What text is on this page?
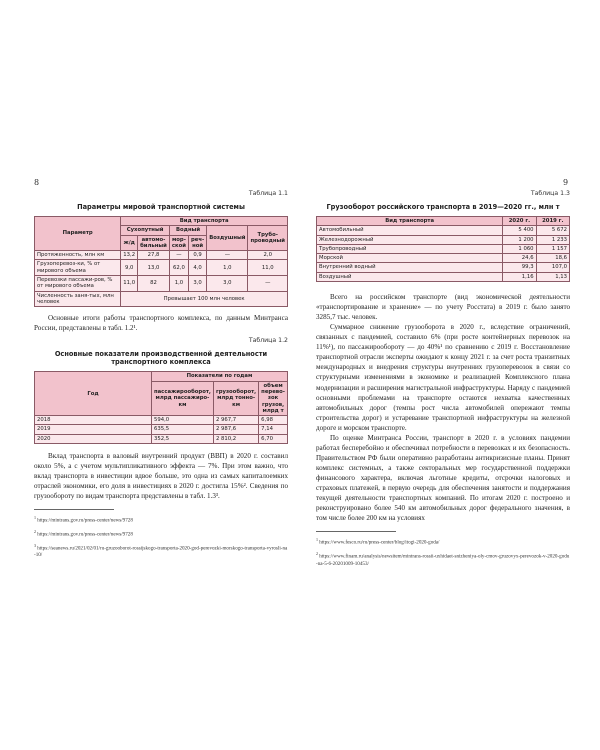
8
Таблица 1.1
Параметры мировой транспортной системы
Параметр	Вид транспорта					
	Сухопутный		Водный		Воздушный	Трубо-проводный
	ж/д	автомо-бильный	мор-ской	реч-ной		
Протяженность, млн км	13,2	27,8	—	0,9	—	2,0
Грузоперевоз-ки, % от мирового объема	9,0	13,0	62,0	4,0	1,0	11,0
Перевозки пассажи-ров, % от мирового объема	11,0	82	1,0	3,0	3,0	—
Численность заня-тых, млн человек	Превышает 100 млн человек					

Основные итоги работы транспортного комплекса, по данным Минтранса России, представлены в табл. 1.2¹.

Таблица 1.2
Основные показатели производственной деятельности транспортного комплекса
Год	Показатели по годам		
	пассажирооборот, млрд пассажиро-км	грузооборот, млрд тонно-км	объем перево-зок грузов, млрд т
2018	594,0	2 967,7	6,98
2019	635,5	2 987,6	7,14
2020	352,5	2 810,2	6,70

Вклад транспорта в валовый внутренний продукт (ВВП) в 2020 г. составил около 5%, а с учетом мультипликативного эффекта — 7%. При этом важно, что вклад транспорта в инвестиции вдвое больше, это одна из самых капиталоемких отраслей экономики, его доля в инвестициях в 2020 г. достигла 15%². Сведения по грузообороту по видам транспорта представлены в табл. 1.3³.

$^1$ https://mintrans.gov.ru/press-center/news/9728

$^2$ https://mintrans.gov.ru/press-center/news/9728

$^3$ https://seanews.ru/2021/02/01/ru-gruzooborot-rossijskogo-transporta-2020-god-perevozki-morskogo-transporta-vyrosli-na-10/

9
Таблица 1.3
Грузооборот российского транспорта в 2019—2020 гг., млн т
Вид транспорта	2020 г.	2019 г.
Автомобильный	5 400	5 672
Железнодорожный	1 200	1 233
Трубопроводный	1 060	1 157
Морской	24,6	18,6
Внутренний водный	99,3	107,0
Воздушный	1,16	1,13

Всего на российском транспорте (вид экономической деятельности «транспортирование и хранение» — по учету Росстата) в 2019 г. было занято 3285,7 тыс. человек.

Суммарное снижение грузооборота в 2020 г., вследствие ограничений, связанных с пандемией, составило 6% (при росте контейнерных перевозок на 11%¹), по пассажирообороту — до 40%¹ по сравнению с 2019 г. Восстановление транспортной отрасли эксперты ожидают к концу 2021 г. за счет роста транзитных международных и внедрения структуры внутренних грузоперевозок в связи со структурными изменениями в экономике и реализацией Комплексного плана модернизации и расширения магистральной инфраструктуры. Наряду с пандемией основными проблемами на транспорте остаются нехватка качественных автомобильных дорог (темпы рост числа автомобилей опережают темпы строительства дорог) и устаревание транспортной инфраструктуры на железной дороге и морском транспорте.

По оценке Минтранса России, транспорт в 2020 г. в условиях пандемии работал бесперебойно и обеспечивал потребности в перевозках и их безопасность. Правительством РФ были оперативно разработаны антикризисные планы. Принят комплекс системных, а также секторальных мер государственной поддержки финансового характера, включая льготные кредиты, отсрочки налоговых и страховых платежей, в первую очередь для обеспечения занятости и поддержания текущей деятельности транспортных компаний. По итогам 2020 г. построено и реконструировано более 540 км автомобильных дорог федерального значения, в том числе более 200 км на условиях

$^1$ https://www.fesco.ru/ru/press-center/blog/itogi-2020-goda/

$^2$ https://www.finam.ru/analysis/newsitem/mintrans-rossii-uxhidaet-snizheniya-oly-cmov-gruzovyx-perevozok-v-2020-godu-na-5-6-20201009-10453/
